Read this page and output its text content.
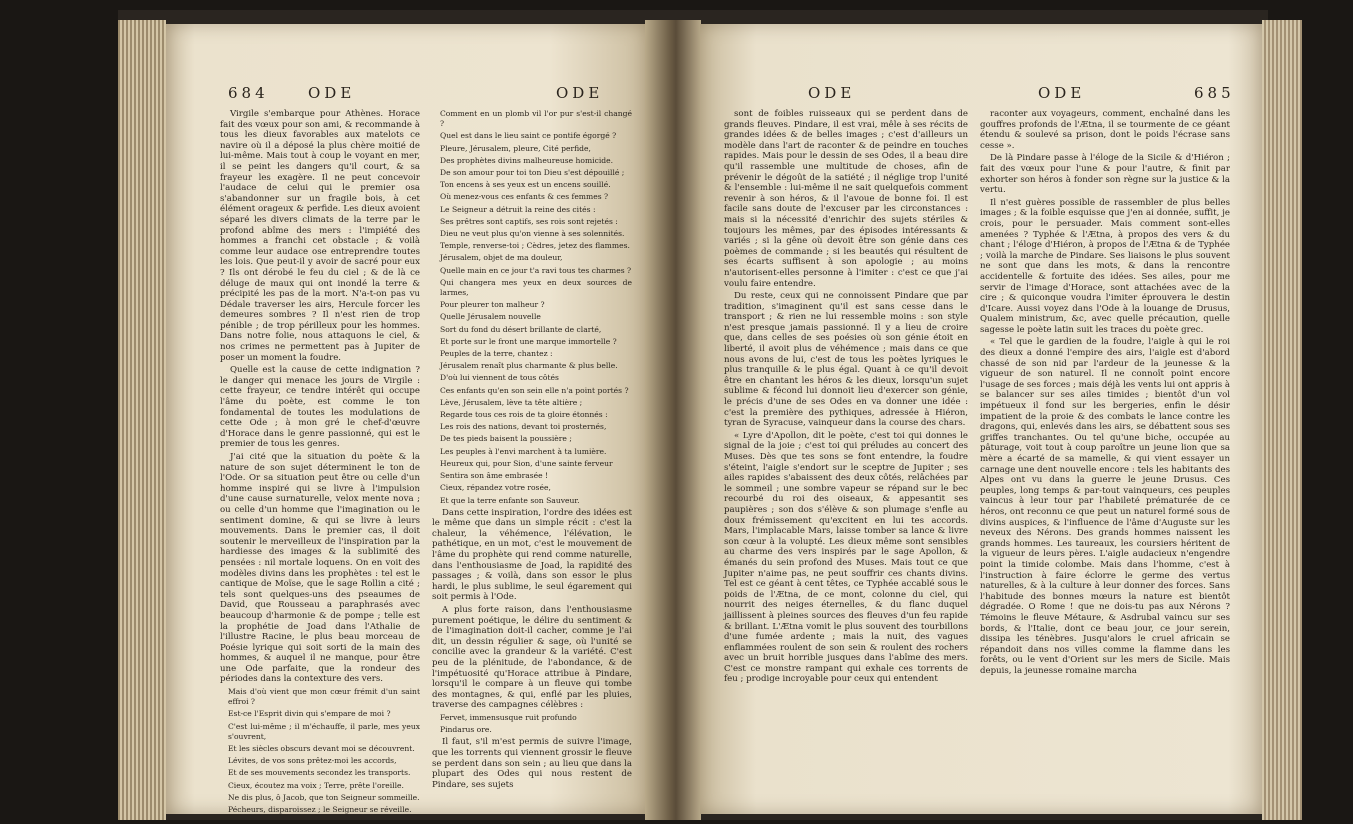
684	ODE	ODE

Virgile s'embarque pour Athènes. Horace fait des vœux pour son ami, & recommande à tous les dieux favorables aux matelots ce navire où il a déposé la plus chère moitié de lui-même. Mais tout à coup le voyant en mer, il se peint les dangers qu'il court, & sa frayeur les exagère. Il ne peut concevoir l'audace de celui qui le premier osa s'abandonner sur un fragile bois, à cet élément orageux & perfide. Les dieux avoient séparé les divers climats de la terre par le profond abîme des mers : l'impiété des hommes a franchi cet obstacle ; & voilà comme leur audace ose entreprendre toutes les lois. Que peut-il y avoir de sacré pour eux ? Ils ont dérobé le feu du ciel ; & de là ce déluge de maux qui ont inondé la terre & précipité les pas de la mort. N'a-t-on pas vu Dédale traverser les airs, Hercule forcer les demeures sombres ? Il n'est rien de trop pénible ; de trop périlleux pour les hommes. Dans notre folie, nous attaquons le ciel, & nos crimes ne permettent pas à Jupiter de poser un moment la foudre.

Quelle est la cause de cette indignation ? le danger qui menace les jours de Virgile : cette frayeur, ce tendre intérêt qui occupe l'âme du poète, est comme le ton fondamental de toutes les modulations de cette Ode ; à mon gré le chef-d'œuvre d'Horace dans le genre passionné, qui est le premier de tous les genres.

J'ai cité que la situation du poète & la nature de son sujet déterminent le ton de l'Ode. Or sa situation peut être ou celle d'un homme inspiré qui se livre à l'impulsion d'une cause surnaturelle, velox mente nova ; ou celle d'un homme que l'imagination ou le sentiment domine, & qui se livre à leurs mouvements. Dans le premier cas, il doit soutenir le merveilleux de l'inspiration par la hardiesse des images & la sublimité des pensées : nil mortale loquens. On en voit des modèles divins dans les prophètes : tel est le cantique de Moïse, que le sage Rollin a cité ; tels sont quelques-uns des pseaumes de David, que Rousseau a paraphrasés avec beaucoup d'harmonie & de pompe ; telle est la prophétie de Joad dans l'Athalie de l'illustre Racine, le plus beau morceau de Poésie lyrique qui soit sorti de la main des hommes, & auquel il ne manque, pour être une Ode parfaite, que la rondeur des périodes dans la contexture des vers.

Mais d'où vient que mon cœur frémit d'un saint effroi ?

Est-ce l'Esprit divin qui s'empare de moi ?

C'est lui-même ; il m'échauffe, il parle, mes yeux s'ouvrent,

Et les siècles obscurs devant moi se découvrent.

Lévites, de vos sons prêtez-moi les accords,

Et de ses mouvements secondez les transports.

Cieux, écoutez ma voix ; Terre, prête l'oreille.

Ne dis plus, ô Jacob, que ton Seigneur sommeille.

Pécheurs, disparoissez ; le Seigneur se réveille.

Comment en un plomb vil l'or pur s'est-il changé ?

Quel est dans le lieu saint ce pontife égorgé ?

Pleure, Jérusalem, pleure, Cité perfide,

Des prophètes divins malheureuse homicide.

De son amour pour toi ton Dieu s'est dépouillé ;

Ton encens à ses yeux est un encens souillé.

Où menez-vous ces enfants & ces femmes ?

Le Seigneur a détruit la reine des cités :

Ses prêtres sont captifs, ses rois sont rejetés :

Dieu ne veut plus qu'on vienne à ses solennités.

Temple, renverse-toi ; Cèdres, jetez des flammes.

Jérusalem, objet de ma douleur,

Quelle main en ce jour t'a ravi tous tes charmes ?

Qui changera mes yeux en deux sources de larmes,

Pour pleurer ton malheur ?

Quelle Jérusalem nouvelle

Sort du fond du désert brillante de clarté,

Et porte sur le front une marque immortelle ?

Peuples de la terre, chantez :

Jérusalem renaît plus charmante & plus belle.

D'où lui viennent de tous côtés

Ces enfants qu'en son sein elle n'a point portés ?

Lève, Jérusalem, lève ta tête altière ;

Regarde tous ces rois de ta gloire étonnés :

Les rois des nations, devant toi prosternés,

De tes pieds baisent la poussière ;

Les peuples à l'envi marchent à ta lumière.

Heureux qui, pour Sion, d'une sainte ferveur

Sentira son âme embrasée !

Cieux, répandez votre rosée,

Et que la terre enfante son Sauveur.

Dans cette inspiration, l'ordre des idées est le même que dans un simple récit : c'est la chaleur, la véhémence, l'élévation, le pathétique, en un mot, c'est le mouvement de l'âme du prophète qui rend comme naturelle, dans l'enthousiasme de Joad, la rapidité des passages ; & voilà, dans son essor le plus hardi, le plus sublime, le seul égarement qui soit permis à l'Ode.

A plus forte raison, dans l'enthousiasme purement poétique, le délire du sentiment & de l'imagination doit-il cacher, comme je l'ai dit, un dessin régulier & sage, où l'unité se concilie avec la grandeur & la variété. C'est peu de la plénitude, de l'abondance, & de l'impétuosité qu'Horace attribue à Pindare, lorsqu'il le compare à un fleuve qui tombe des montagnes, & qui, enflé par les pluies, traverse des campagnes célèbres :

Fervet, immensusque ruit profundo

Pindarus ore.

Il faut, s'il m'est permis de suivre l'image, que les torrents qui viennent grossir le fleuve se perdent dans son sein ; au lieu que dans la plupart des Odes qui nous restent de Pindare, ses sujets

ODE	ODE	685

sont de foibles ruisseaux qui se perdent dans de grands fleuves. Pindare, il est vrai, mêle à ses récits de grandes idées & de belles images ; c'est d'ailleurs un modèle dans l'art de raconter & de peindre en touches rapides. Mais pour le dessin de ses Odes, il a beau dire qu'il rassemble une multitude de choses, afin de prévenir le dégoût de la satiété ; il néglige trop l'unité & l'ensemble : lui-même il ne sait quelquefois comment revenir à son héros, & il l'avoue de bonne foi. Il est facile sans doute de l'excuser par les circonstances : mais si la nécessité d'enrichir des sujets stériles & toujours les mêmes, par des épisodes intéressants & variés ; si la gêne où devoit être son génie dans ces poèmes de commande ; si les beautés qui résultent de ses écarts suffisent à son apologie ; au moins n'autorisent-elles personne à l'imiter : c'est ce que j'ai voulu faire entendre.

Du reste, ceux qui ne connoissent Pindare que par tradition, s'imaginent qu'il est sans cesse dans le transport ; & rien ne lui ressemble moins : son style n'est presque jamais passionné. Il y a lieu de croire que, dans celles de ses poésies où son génie étoit en liberté, il avoit plus de véhémence ; mais dans ce que nous avons de lui, c'est de tous les poètes lyriques le plus tranquille & le plus égal. Quant à ce qu'il devoit être en chantant les héros & les dieux, lorsqu'un sujet sublime & fécond lui donnoit lieu d'exercer son génie, le précis d'une de ses Odes en va donner une idée : c'est la première des pythiques, adressée à Hiéron, tyran de Syracuse, vainqueur dans la course des chars.

« Lyre d'Apollon, dit le poète, c'est toi qui donnes le signal de la joie ; c'est toi qui préludes au concert des Muses. Dès que tes sons se font entendre, la foudre s'éteint, l'aigle s'endort sur le sceptre de Jupiter ; ses ailes rapides s'abaissent des deux côtés, relâchées par le sommeil ; une sombre vapeur se répand sur le bec recourbé du roi des oiseaux, & appesantit ses paupières ; son dos s'élève & son plumage s'enfle au doux frémissement qu'excitent en lui tes accords. Mars, l'implacable Mars, laisse tomber sa lance & livre son cœur à la volupté. Les dieux même sont sensibles au charme des vers inspirés par le sage Apollon, & émanés du sein profond des Muses. Mais tout ce que Jupiter n'aime pas, ne peut souffrir ces chants divins. Tel est ce géant à cent têtes, ce Typhée accablé sous le poids de l'Ætna, de ce mont, colonne du ciel, qui nourrit des neiges éternelles, & du flanc duquel jaillissent à pleines sources des fleuves d'un feu rapide & brillant. L'Ætna vomit le plus souvent des tourbillons d'une fumée ardente ; mais la nuit, des vagues enflammées roulent de son sein & roulent des rochers avec un bruit horrible jusques dans l'abîme des mers. C'est ce monstre rampant qui exhale ces torrents de feu ; prodige incroyable pour ceux qui entendent

raconter aux voyageurs, comment, enchaîné dans les gouffres profonds de l'Ætna, il se tourmente de ce géant étendu & soulevé sa prison, dont le poids l'écrase sans cesse ».

De là Pindare passe à l'éloge de la Sicile & d'Hiéron ; fait des vœux pour l'une & pour l'autre, & finit par exhorter son héros à fonder son règne sur la justice & la vertu.

Il n'est guères possible de rassembler de plus belles images ; & la foible esquisse que j'en ai donnée, suffit, je crois, pour le persuader. Mais comment sont-elles amenées ? Typhée & l'Ætna, à propos des vers & du chant ; l'éloge d'Hiéron, à propos de l'Ætna & de Typhée ; voilà la marche de Pindare. Ses liaisons le plus souvent ne sont que dans les mots, & dans la rencontre accidentelle & fortuite des idées. Ses ailes, pour me servir de l'image d'Horace, sont attachées avec de la cire ; & quiconque voudra l'imiter éprouvera le destin d'Icare. Aussi voyez dans l'Ode à la louange de Drusus, Qualem ministrum, &c, avec quelle précaution, quelle sagesse le poète latin suit les traces du poète grec.

« Tel que le gardien de la foudre, l'aigle à qui le roi des dieux a donné l'empire des airs, l'aigle est d'abord chassé de son nid par l'ardeur de la jeunesse & la vigueur de son naturel. Il ne connoît point encore l'usage de ses forces ; mais déjà les vents lui ont appris à se balancer sur ses ailes timides ; bientôt d'un vol impétueux il fond sur les bergeries, enfin le désir impatient de la proie & des combats le lance contre les dragons, qui, enlevés dans les airs, se débattent sous ses griffes tranchantes. Ou tel qu'une biche, occupée au pâturage, voit tout à coup paroître un jeune lion que sa mère a écarté de sa mamelle, & qui vient essayer un carnage une dent nouvelle encore : tels les habitants des Alpes ont vu dans la guerre le jeune Drusus. Ces peuples, long temps & par-tout vainqueurs, ces peuples vaincus à leur tour par l'habileté prématurée de ce héros, ont reconnu ce que peut un naturel formé sous de divins auspices, & l'influence de l'âme d'Auguste sur les neveux des Nérons. Des grands hommes naissent les grands hommes. Les taureaux, les coursiers héritent de la vigueur de leurs pères. L'aigle audacieux n'engendre point la timide colombe. Mais dans l'homme, c'est à l'instruction à faire éclorre le germe des vertus naturelles, & à la culture à leur donner des forces. Sans l'habitude des bonnes mœurs la nature est bientôt dégradée. O Rome ! que ne dois-tu pas aux Nérons ? Témoins le fleuve Métaure, & Asdrubal vaincu sur ses bords, & l'Italie, dont ce beau jour, ce jour serein, dissipa les ténèbres. Jusqu'alors le cruel africain se répandoit dans nos villes comme la flamme dans les forêts, ou le vent d'Orient sur les mers de Sicile. Mais depuis, la jeunesse romaine marcha
